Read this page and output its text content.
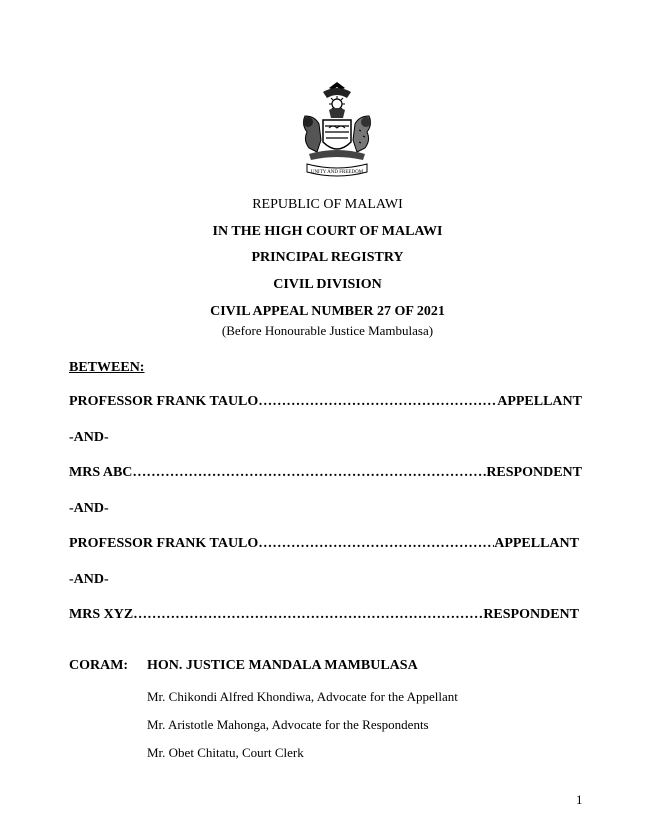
UNITY AND FREEDOM
REPUBLIC OF MALAWI
IN THE HIGH COURT OF MALAWI
PRINCIPAL REGISTRY
CIVIL DIVISION
CIVIL APPEAL NUMBER 27 OF 2021
(Before Honourable Justice Mambulasa)
BETWEEN:
PROFESSOR FRANK TAULO …………………………………………………………………………………………………………………………………………………………	APPELLANT
-AND-
MRS ABC …………………………………………………………………………………………………………………………………………………………	RESPONDENT
-AND-
PROFESSOR FRANK TAULO …………………………………………………………………………………………………………………………………………………………	APPELLANT
-AND-
MRS XYZ …………………………………………………………………………………………………………………………………………………………	RESPONDENT
CORAM: HON. JUSTICE MANDALA MAMBULASA
Mr. Chikondi Alfred Khondiwa, Advocate for the Appellant
Mr. Aristotle Mahonga, Advocate for the Respondents
Mr. Obet Chitatu, Court Clerk
1
